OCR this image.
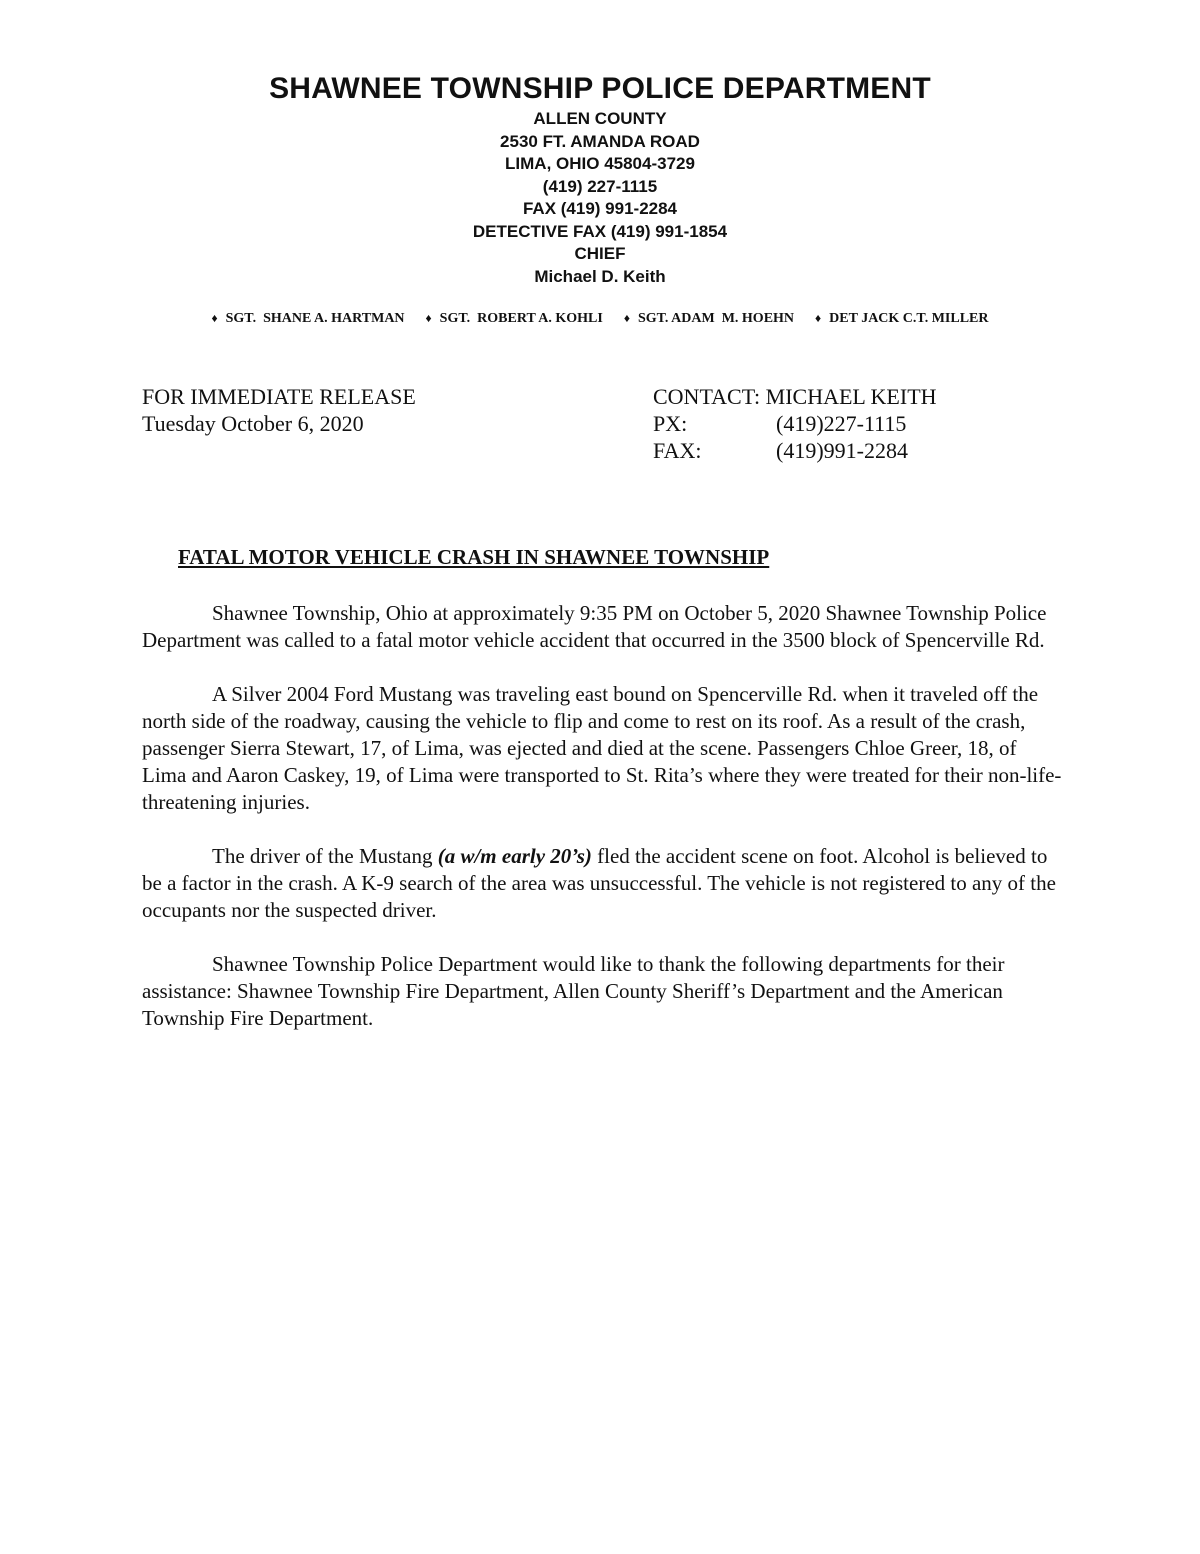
SHAWNEE TOWNSHIP POLICE DEPARTMENT
ALLEN COUNTY
2530 FT. AMANDA ROAD
LIMA, OHIO 45804-3729
(419) 227-1115
FAX (419) 991-2284
DETECTIVE FAX (419) 991-1854
CHIEF
Michael D. Keith
♦ SGT.  SHANE A. HARTMAN ♦ SGT.  ROBERT A. KOHLI ♦ SGT. ADAM  M. HOEHN ♦ DET JACK C.T. MILLER
FOR IMMEDIATE RELEASE
Tuesday October 6, 2020
CONTACT: MICHAEL KEITH
PX:	(419)227-1115
FAX:	(419)991-2284
FATAL MOTOR VEHICLE CRASH IN SHAWNEE TOWNSHIP

Shawnee Township, Ohio at approximately 9:35 PM on October 5, 2020 Shawnee Township Police Department was called to a fatal motor vehicle accident that occurred in the 3500 block of Spencerville Rd.

A Silver 2004 Ford Mustang was traveling east bound on Spencerville Rd. when it traveled off the north side of the roadway, causing the vehicle to flip and come to rest on its roof. As a result of the crash, passenger Sierra Stewart, 17, of Lima, was ejected and died at the scene. Passengers Chloe Greer, 18, of Lima and Aaron Caskey, 19, of Lima were transported to St. Rita’s where they were treated for their non-life-threatening injuries.

The driver of the Mustang (a w/m early 20’s) fled the accident scene on foot. Alcohol is believed to be a factor in the crash. A K-9 search of the area was unsuccessful. The vehicle is not registered to any of the occupants nor the suspected driver.

Shawnee Township Police Department would like to thank the following departments for their assistance: Shawnee Township Fire Department, Allen County Sheriff’s Department and the American Township Fire Department.
